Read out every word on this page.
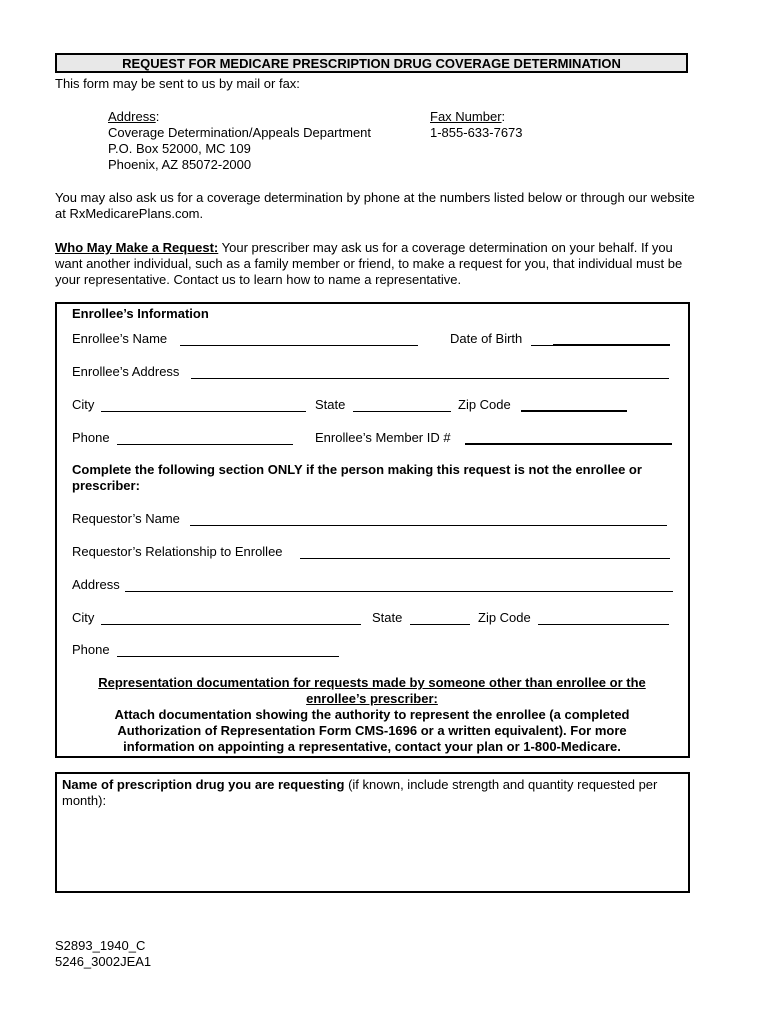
REQUEST FOR MEDICARE PRESCRIPTION DRUG COVERAGE DETERMINATION
This form may be sent to us by mail or fax:
Address:
Coverage Determination/Appeals Department
P.O. Box 52000, MC 109
Phoenix, AZ 85072-2000
Fax Number:
1-855-633-7673
You may also ask us for a coverage determination by phone at the numbers listed below or through our website at RxMedicarePlans.com.
Who May Make a Request: Your prescriber may ask us for a coverage determination on your behalf. If you want another individual, such as a family member or friend, to make a request for you, that individual must be your representative. Contact us to learn how to name a representative.
Enrollee’s Information
Enrollee’s Name	Date of Birth
Enrollee’s Address
City	State	Zip Code
Phone	Enrollee’s Member ID #
Complete the following section ONLY if the person making this request is not the enrollee or prescriber:
Requestor’s Name
Requestor’s Relationship to Enrollee
Address
City	State	Zip Code
Phone
Representation documentation for requests made by someone other than enrollee or the enrollee’s prescriber:
Attach documentation showing the authority to represent the enrollee (a completed Authorization of Representation Form CMS-1696 or a written equivalent). For more information on appointing a representative, contact your plan or 1-800-Medicare.
Name of prescription drug you are requesting (if known, include strength and quantity requested per month):
S2893_1940_C
5246_3002JEA1
